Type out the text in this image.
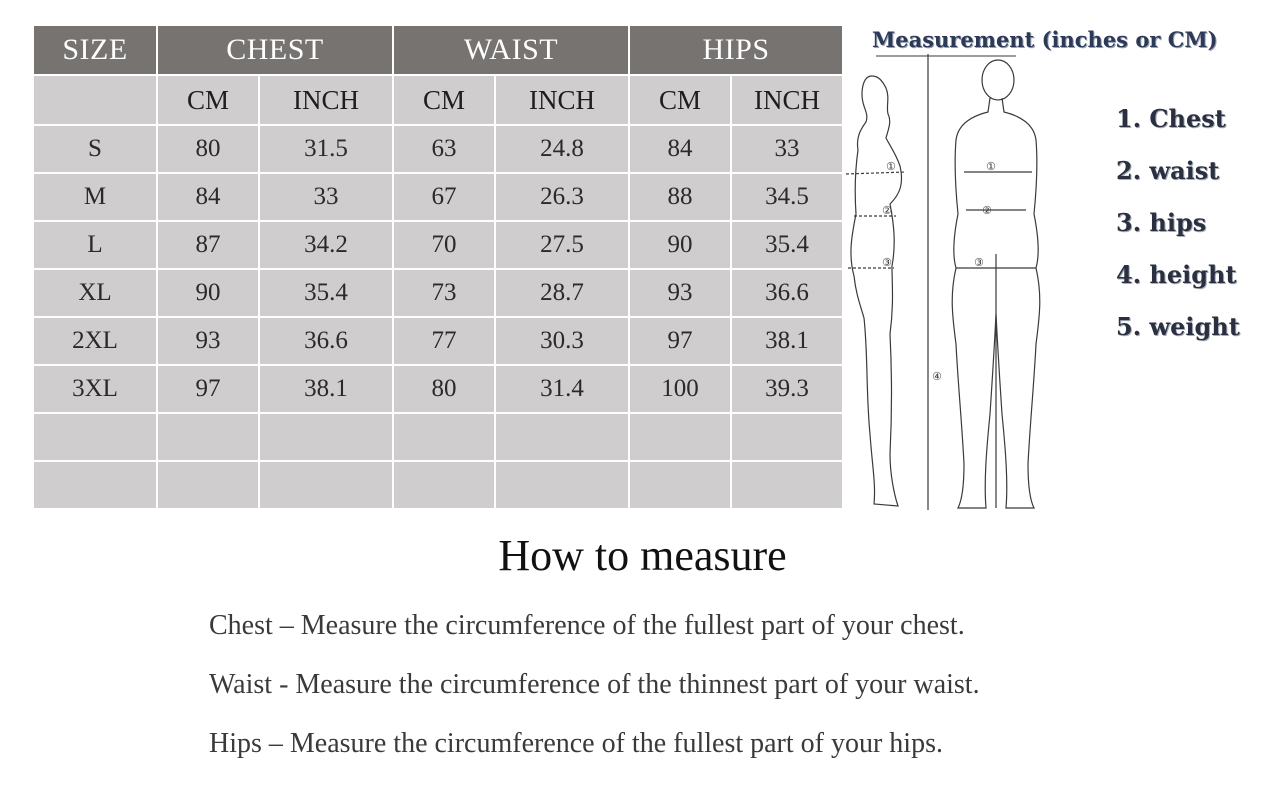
SIZE	CHEST		WAIST		HIPS	
	CM	INCH	CM	INCH	CM	INCH
S	80	31.5	63	24.8	84	33
M	84	33	67	26.3	88	34.5
L	87	34.2	70	27.5	90	35.4
XL	90	35.4	73	28.7	93	36.6
2XL	93	36.6	77	30.3	97	38.1
3XL	97	38.1	80	31.4	100	39.3

Measurement (inches or CM)
①
②
③
①
②
③
④
1. Chest
2. waist
3. hips
4. height
5. weight
How to measure
Chest – Measure the circumference of the fullest part of your chest.
Waist - Measure the circumference of the thinnest part of your waist.
Hips – Measure the circumference of the fullest part of your hips.
